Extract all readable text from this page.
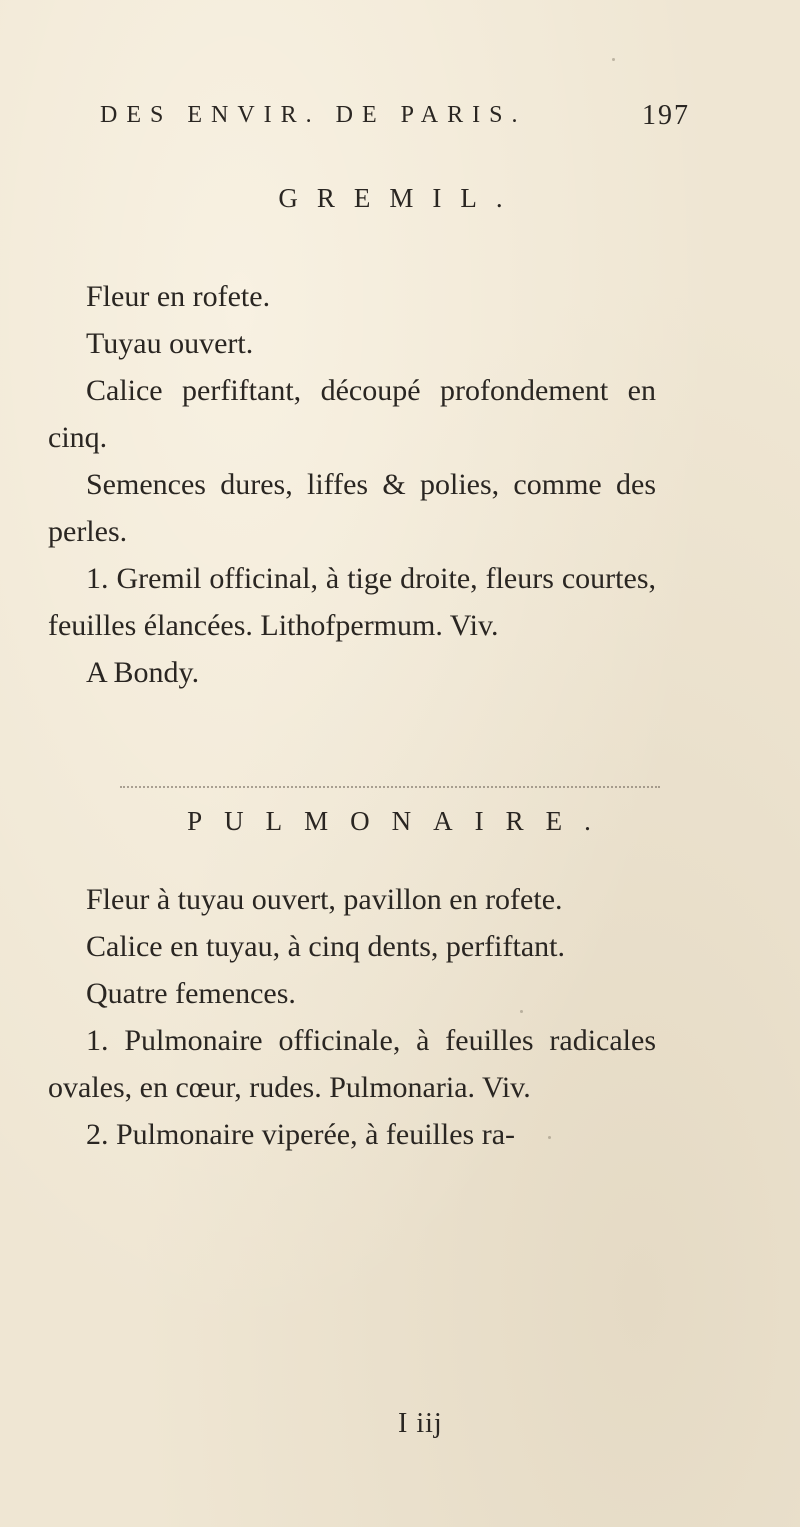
DES ENVIR. DE PARIS.	197
GREMIL.

Fleur en rofete.

Tuyau ouvert.

Calice perfiftant, découpé profondement en cinq.

Semences dures, liffes & polies, comme des perles.

1. Gremil officinal, à tige droite, fleurs courtes, feuilles élancées. Lithofpermum. Viv.

A Bondy.

PULMONAIRE.

Fleur à tuyau ouvert, pavillon en rofete.

Calice en tuyau, à cinq dents, perfiftant.

Quatre femences.

1. Pulmonaire officinale, à feuilles radicales ovales, en cœur, rudes. Pulmonaria. Viv.

2. Pulmonaire viperée, à feuilles ra-

I iij
